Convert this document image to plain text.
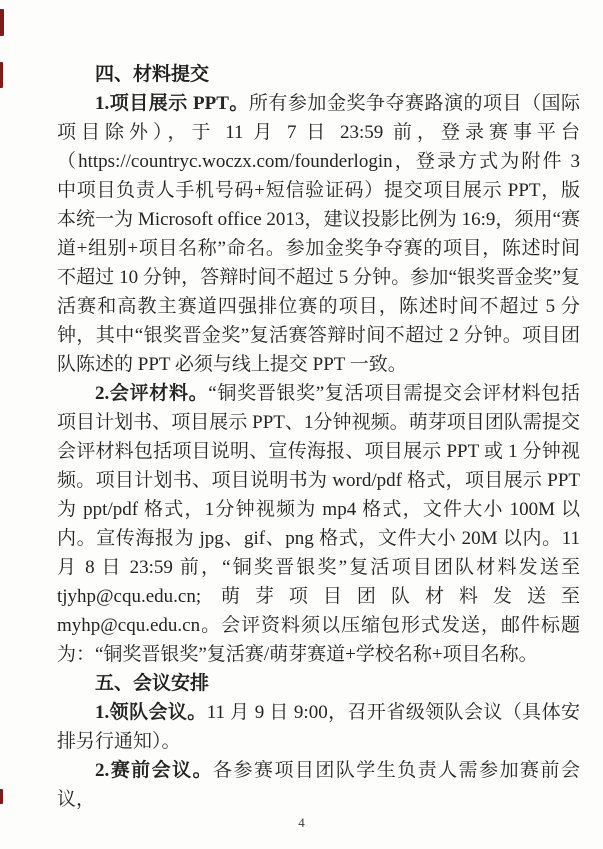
四、材料提交

1.项目展示 PPT。所有参加金奖争夺赛路演的项目（国际项目除外），于 11 月 7 日 23:59 前，登录赛事平台（https://countryc.woczx.com/founderlogin，登录方式为附件 3 中项目负责人手机号码+短信验证码）提交项目展示 PPT，版本统一为 Microsoft office 2013，建议投影比例为 16:9，须用“赛道+组别+项目名称”命名。参加金奖争夺赛的项目，陈述时间不超过 10 分钟，答辩时间不超过 5 分钟。参加“银奖晋金奖”复活赛和高教主赛道四强排位赛的项目，陈述时间不超过 5 分钟，其中“银奖晋金奖”复活赛答辩时间不超过 2 分钟。项目团队陈述的 PPT 必须与线上提交 PPT 一致。

2.会评材料。“铜奖晋银奖”复活项目需提交会评材料包括项目计划书、项目展示 PPT、1分钟视频。萌芽项目团队需提交会评材料包括项目说明、宣传海报、项目展示 PPT 或 1 分钟视频。项目计划书、项目说明书为 word/pdf 格式，项目展示 PPT 为 ppt/pdf 格式，1分钟视频为 mp4 格式，文件大小 100M 以内。宣传海报为 jpg、gif、png 格式，文件大小 20M 以内。11 月 8 日 23:59 前，“铜奖晋银奖”复活项目团队材料发送至 tjyhp@cqu.edu.cn; 萌芽项目团队材料发送至 myhp@cqu.edu.cn。会评资料须以压缩包形式发送，邮件标题为：“铜奖晋银奖”复活赛/萌芽赛道+学校名称+项目名称。

五、会议安排

1.领队会议。11 月 9 日 9:00，召开省级领队会议（具体安排另行通知）。

2.赛前会议。各参赛项目团队学生负责人需参加赛前会议，

4
